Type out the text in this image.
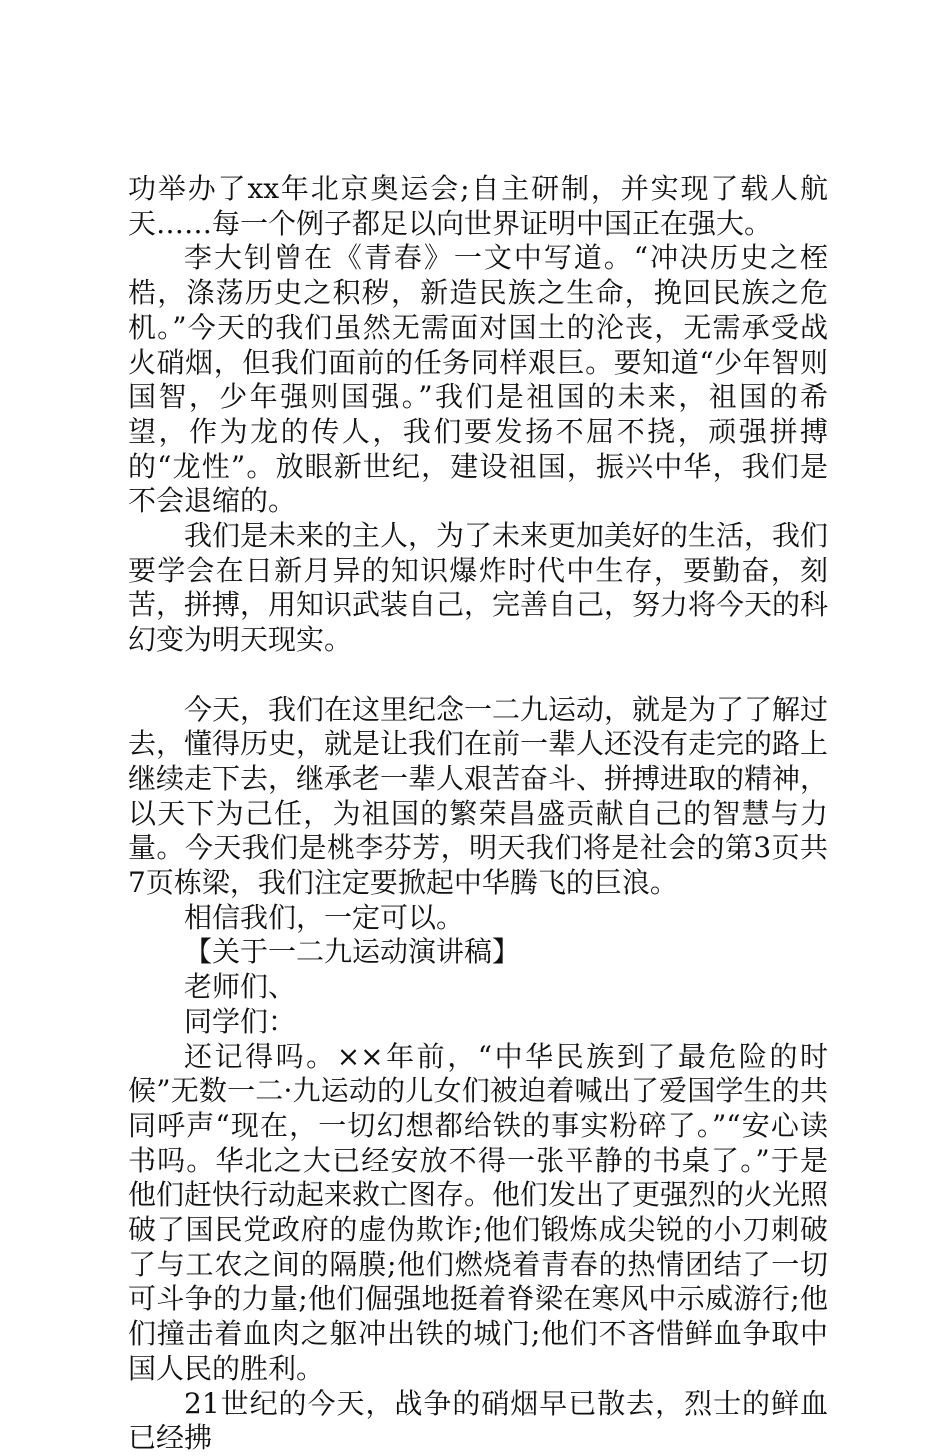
功举办了xx年北京奥运会;自主研制，并实现了载人航天……每一个例子都足以向世界证明中国正在强大。

李大钊曾在《青春》一文中写道。“冲决历史之桎梏，涤荡历史之积秽，新造民族之生命，挽回民族之危机。”今天的我们虽然无需面对国土的沦丧，无需承受战火硝烟，但我们面前的任务同样艰巨。要知道“少年智则国智，少年强则国强。”我们是祖国的未来，祖国的希望，作为龙的传人，我们要发扬不屈不挠，顽强拼搏的“龙性”。放眼新世纪，建设祖国，振兴中华，我们是不会退缩的。

我们是未来的主人，为了未来更加美好的生活，我们要学会在日新月异的知识爆炸时代中生存，要勤奋，刻苦，拼搏，用知识武装自己，完善自己，努力将今天的科幻变为明天现实。

今天，我们在这里纪念一二九运动，就是为了了解过去，懂得历史，就是让我们在前一辈人还没有走完的路上继续走下去，继承老一辈人艰苦奋斗、拼搏进取的精神，以天下为己任，为祖国的繁荣昌盛贡献自己的智慧与力量。今天我们是桃李芬芳，明天我们将是社会的第3页共7页栋梁，我们注定要掀起中华腾飞的巨浪。

相信我们，一定可以。

【关于一二九运动演讲稿】

老师们、

同学们：

还记得吗。××年前，“中华民族到了最危险的时候”无数一二·九运动的儿女们被迫着喊出了爱国学生的共同呼声“现在，一切幻想都给铁的事实粉碎了。”“安心读书吗。华北之大已经安放不得一张平静的书桌了。”于是他们赶快行动起来救亡图存。他们发出了更强烈的火光照破了国民党政府的虚伪欺诈;他们锻炼成尖锐的小刀刺破了与工农之间的隔膜;他们燃烧着青春的热情团结了一切可斗争的力量;他们倔强地挺着脊梁在寒风中示威游行;他们撞击着血肉之躯冲出铁的城门;他们不吝惜鲜血争取中国人民的胜利。

21世纪的今天，战争的硝烟早已散去，烈士的鲜血已经拂
